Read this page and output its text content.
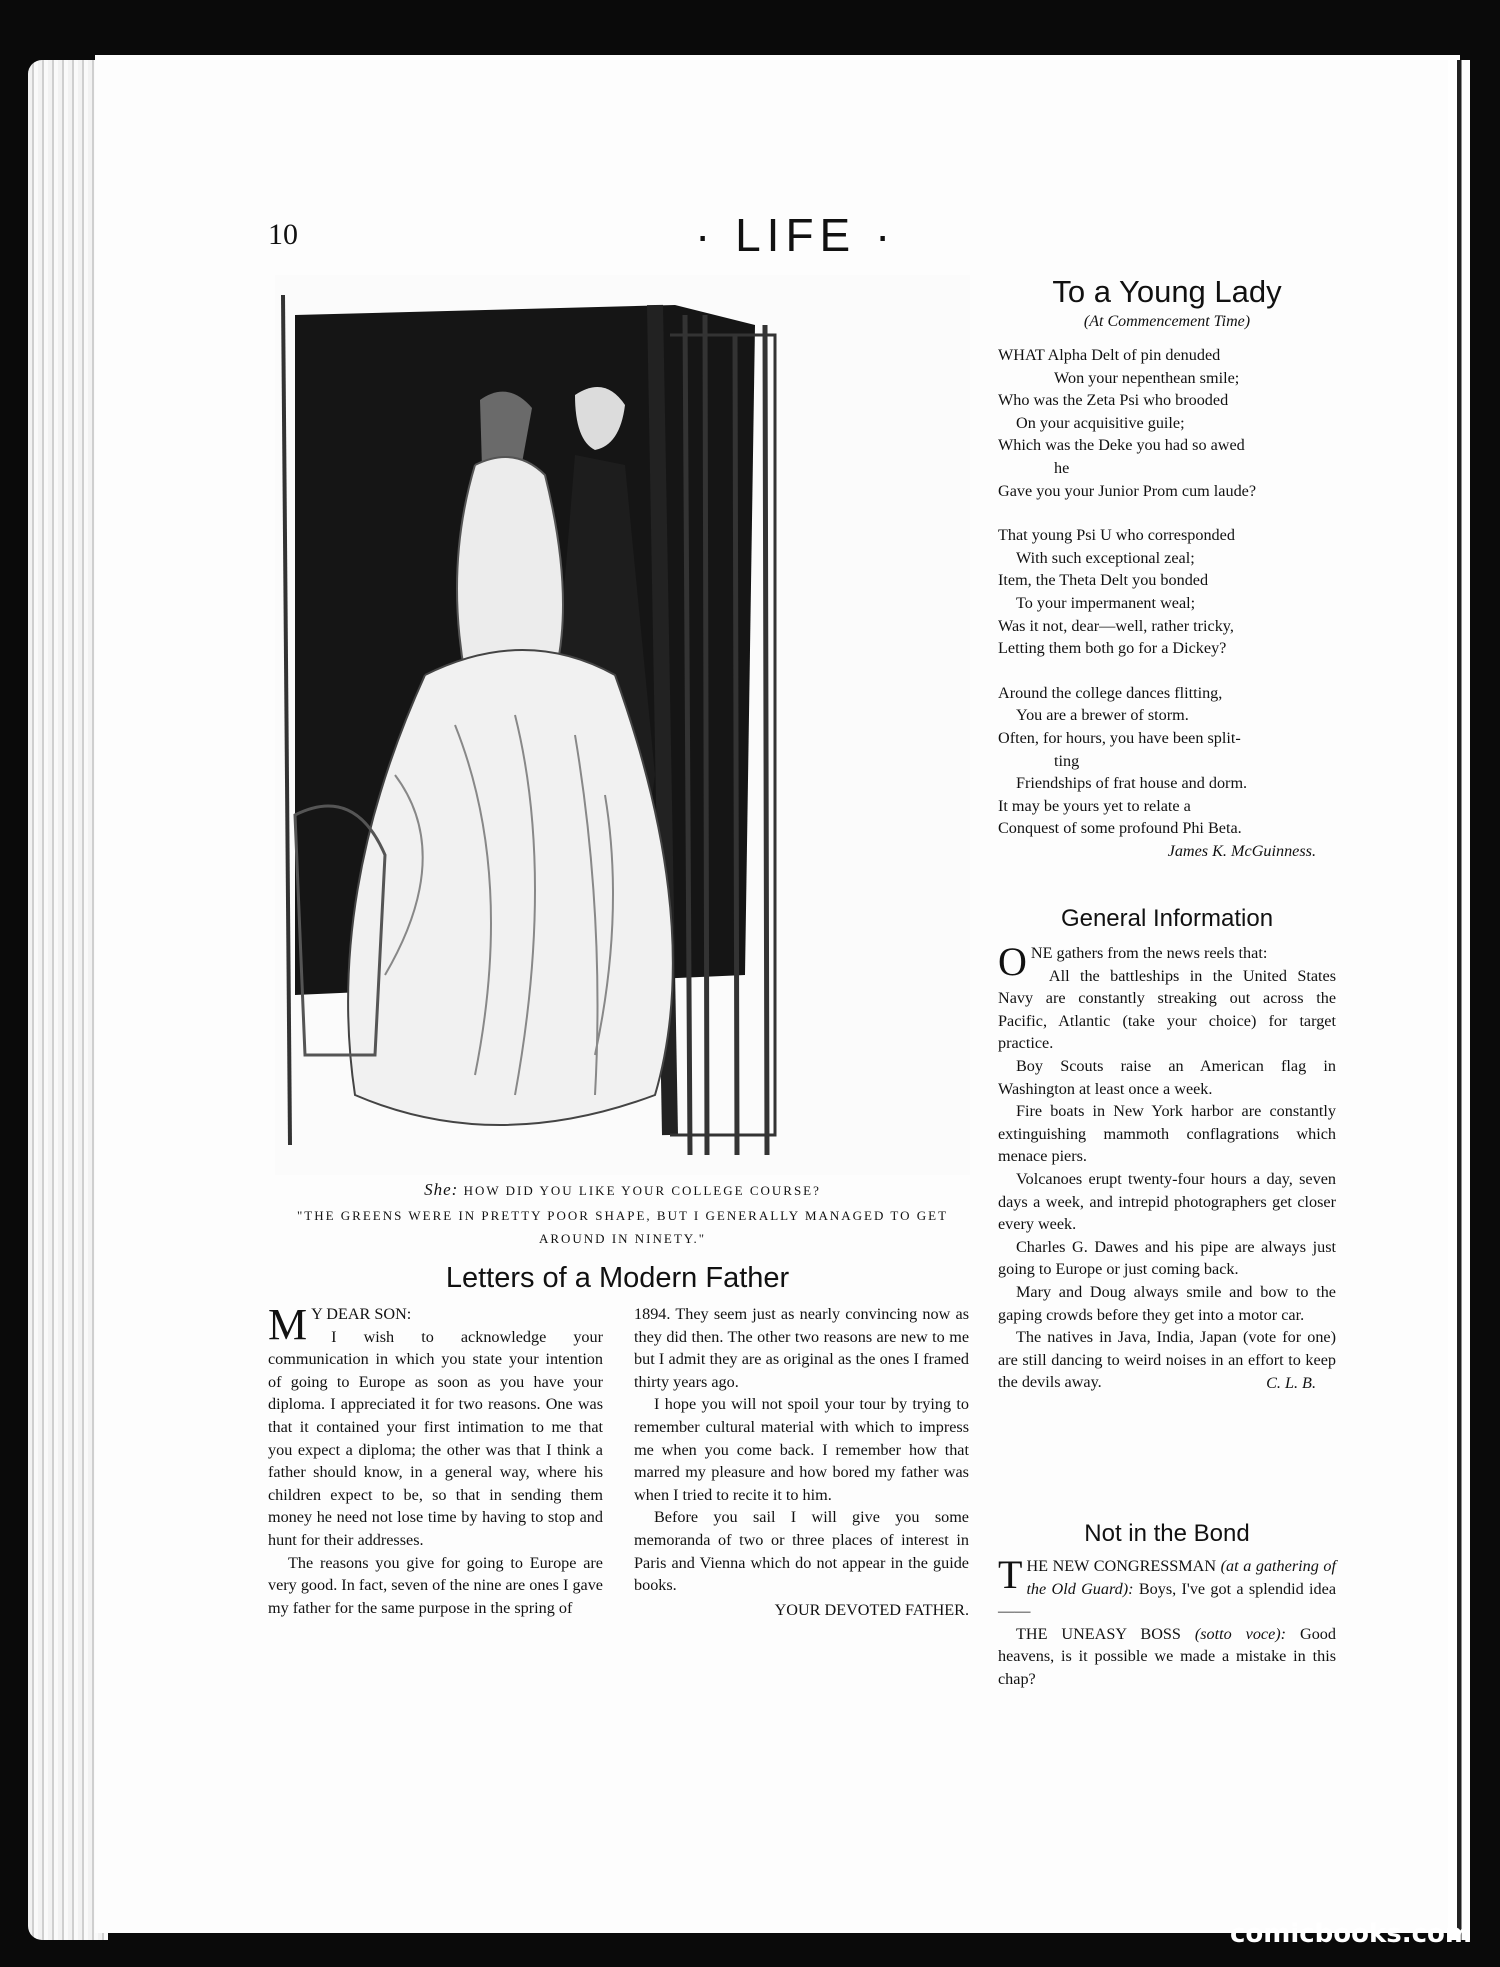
10	· LIFE ·
She: HOW DID YOU LIKE YOUR COLLEGE COURSE?
"THE GREENS WERE IN PRETTY POOR SHAPE, BUT I GENERALLY MANAGED TO GET AROUND IN NINETY."
Letters of a Modern Father

M Y DEAR SON:

I wish to acknowledge your communication in which you state your intention of going to Europe as soon as you have your diploma. I appreciated it for two reasons. One was that it contained your first intimation to me that you expect a diploma; the other was that I think a father should know, in a general way, where his children expect to be, so that in sending them money he need not lose time by having to stop and hunt for their addresses.

The reasons you give for going to Europe are very good. In fact, seven of the nine are ones I gave my father for the same purpose in the spring of

1894. They seem just as nearly convincing now as they did then. The other two reasons are new to me but I admit they are as original as the ones I framed thirty years ago.

I hope you will not spoil your tour by trying to remember cultural material with which to impress me when you come back. I remember how that marred my pleasure and how bored my father was when I tried to recite it to him.

Before you sail I will give you some memoranda of two or three places of interest in Paris and Vienna which do not appear in the guide books.

YOUR DEVOTED FATHER.
To a Young Lady
(At Commencement Time)
WHAT Alpha Delt of pin denuded
Won your nepenthean smile;
Who was the Zeta Psi who brooded
On your acquisitive guile;
Which was the Deke you had so awed
he
Gave you your Junior Prom cum laude?
That young Psi U who corresponded
With such exceptional zeal;
Item, the Theta Delt you bonded
To your impermanent weal;
Was it not, dear—well, rather tricky,
Letting them both go for a Dickey?
Around the college dances flitting,
You are a brewer of storm.
Often, for hours, you have been split-
ting
Friendships of frat house and dorm.
It may be yours yet to relate a
Conquest of some profound Phi Beta.
James K. McGuinness.
General Information

O NE gathers from the news reels that:

All the battleships in the United States Navy are constantly streaking out across the Pacific, Atlantic (take your choice) for target practice.

Boy Scouts raise an American flag in Washington at least once a week.

Fire boats in New York harbor are constantly extinguishing mammoth conflagrations which menace piers.

Volcanoes erupt twenty-four hours a day, seven days a week, and intrepid photographers get closer every week.

Charles G. Dawes and his pipe are always just going to Europe or just coming back.

Mary and Doug always smile and bow to the gaping crowds before they get into a motor car.

The natives in Java, India, Japan (vote for one) are still dancing to weird noises in an effort to keep the devils away.	C. L. B.
Not in the Bond

T HE NEW CONGRESSMAN (at a gathering of the Old Guard): Boys, I've got a splendid idea——

THE UNEASY BOSS (sotto voce): Good heavens, is it possible we made a mistake in this chap?

comicbooks.com
